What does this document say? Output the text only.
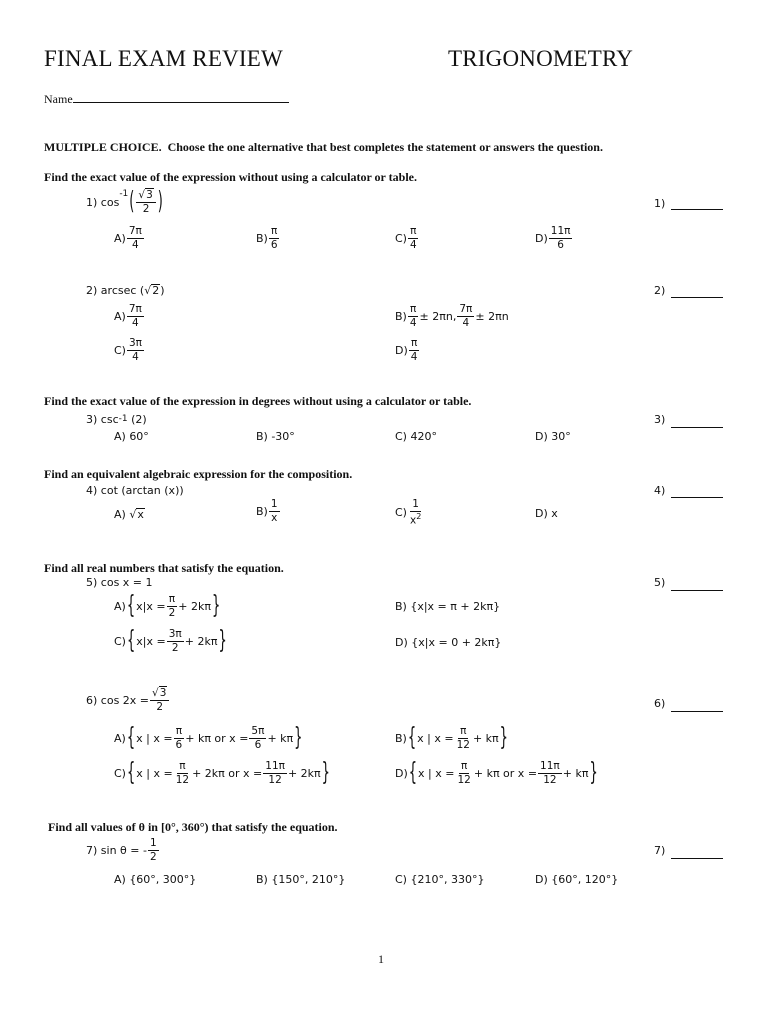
FINAL EXAM REVIEW	TRIGONOMETRY
Name
MULTIPLE CHOICE. Choose the one alternative that best completes the statement or answers the question.
Find the exact value of the expression without using a calculator or table.
1)
cos
$^{-1}$ ( √3
2 )	1)
A)
7π
4	B)
π
6	C)
π
4	D)
11π
6
2)
arcsec ( √ 2 )	2)
A)
7π
4	B)
π
4 ± 2πn,
7π
4 ± 2πn
C)
3π
4	D)
π
4
Find the exact value of the expression in degrees without using a calculator or table.
3)
csc -1
(2)	3)
A) 60°	B) -30°	C) 420°	D) 30°
Find an equivalent algebraic expression for the composition.
4)
cot (arctan (x))	4)
A) √ x	B)
1
x	C)
1
$x^2$	D) x
Find all real numbers that satisfy the equation.
5)
cos x = 1	5)
A) { $x|x = \frac{\pi}{2} + 2k\pi$ }	B) {x|x = π + 2kπ}
C) { $x|x = \frac{3\pi}{2} + 2k\pi$ }	D) {x|x = 0 + 2kπ}
6)
$\cos 2x = \frac{√3}{2}$	6)
A) { x | $x = \frac{\pi}{6} + k\pi$ or $x = \frac{5\pi}{6} + k\pi$ }	B) { x | $x = \frac{\pi}{12} + k\pi$ }
C) { x | $x = \frac{\pi}{12} + 2k\pi$ or $x = \frac{11\pi}{12} + 2k\pi$ }	D) { x | $x = \frac{\pi}{12} + k\pi$ or $x = \frac{11\pi}{12} + k\pi$ }
Find all values of θ in [0°, 360°) that satisfy the equation.
7)
sin θ = -
1
2
7)
A) {60°, 300°}	B) {150°, 210°}	C) {210°, 330°}	D) {60°, 120°}
1
